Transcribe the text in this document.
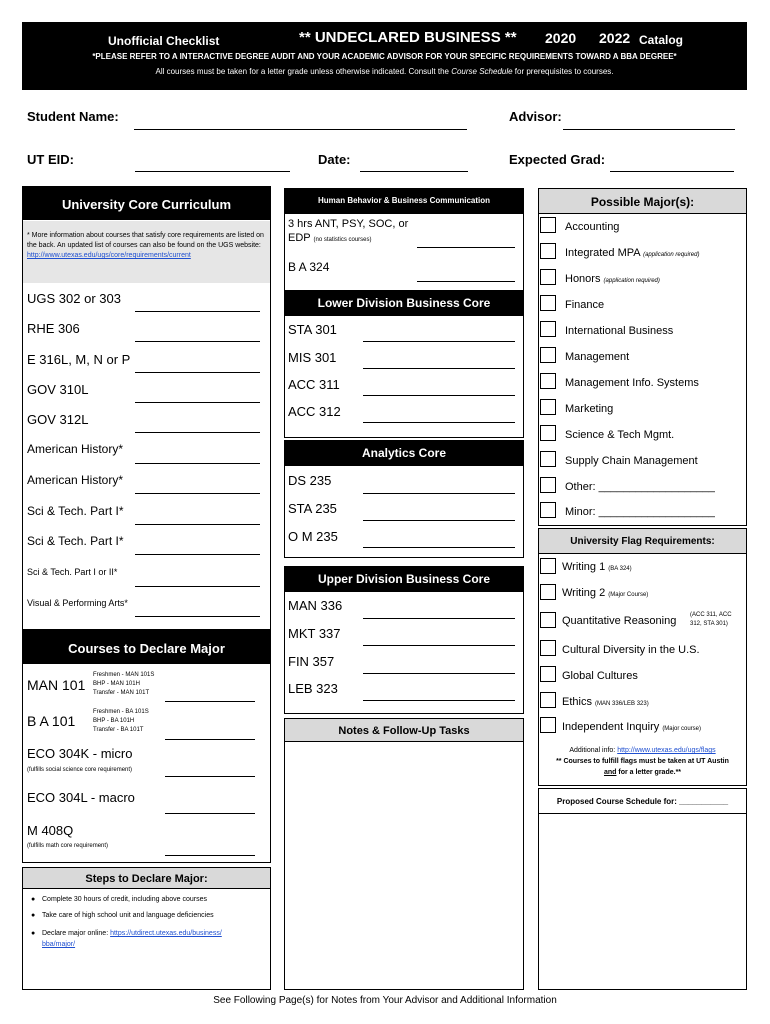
Unofficial Checklist	** UNDECLARED BUSINESS ** 2020 2022 Catalog
*PLEASE REFER TO A INTERACTIVE DEGREE AUDIT AND YOUR ACADEMIC ADVISOR FOR YOUR SPECIFIC REQUIREMENTS TOWARD A BBA DEGREE*
All courses must be taken for a letter grade unless otherwise indicated. Consult the Course Schedule for prerequisites to courses.
Student Name:	Advisor:
UT EID:	Date:	Expected Grad:
University Core Curriculum
* More information about courses that satisfy core requirements are listed on the back. An updated list of courses can also be found on the UGS website:
http://www.utexas.edu/ugs/core/requirements/current
UGS 302 or 303
RHE 306
E 316L, M, N or P
GOV 310L
GOV 312L
American History*
American History*
Sci & Tech. Part I*
Sci & Tech. Part I*
Sci & Tech. Part I or II*
Visual & Performing Arts*
Courses to Declare Major
MAN 101
Freshmen - MAN 101S
BHP - MAN 101H
Transfer - MAN 101T
B A 101
Freshmen - BA 101S
BHP - BA 101H
Transfer - BA 101T
ECO 304K - micro
(fulfills social science core requirement)
ECO 304L - macro
M 408Q
(fulfills math core requirement)
Steps to Declare Major:
● Complete 30 hours of credit, including above courses
● Take care of high school unit and language deficiencies
● Declare major online: https://utdirect.utexas.edu/business/
bba/major/
Human Behavior & Business Communication
3 hrs ANT, PSY, SOC, or
EDP (no statistics courses)
B A 324
Lower Division Business Core
STA 301
MIS 301
ACC 311
ACC 312
Analytics Core
DS 235
STA 235
O M 235
Upper Division Business Core
MAN 336
MKT 337
FIN 357
LEB 323
Notes & Follow-Up Tasks
Possible Major(s):
Accounting
Integrated MPA (application required)
Honors (application required)
Finance
International Business
Management
Management Info. Systems
Marketing
Science & Tech Mgmt.
Supply Chain Management
Other: ___________________
Minor: ___________________
University Flag Requirements:
Writing 1 (BA 324)
Writing 2 (Major Course)
Quantitative Reasoning (ACC 311, ACC
312, STA 301)
Cultural Diversity in the U.S.
Global Cultures
Ethics (MAN 336/LEB 323)
Independent Inquiry (Major course)
Additional info: http://www.utexas.edu/ugs/flags
** Courses to fulfill flags must be taken at UT Austin
and for a letter grade.**
Proposed Course Schedule for: ___________
See Following Page(s) for Notes from Your Advisor and Additional Information
